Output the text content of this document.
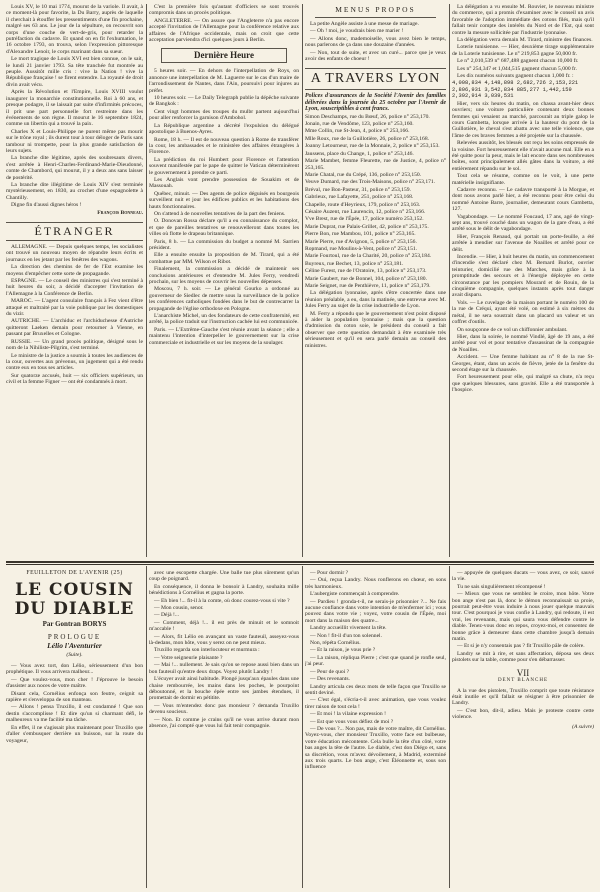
Louis XV, le 10 mai 1774, mourut de la variole. Il avait, à ce moment-là pour favorite, la Du Barry, auprès de laquelle il cherchait à étouffer les pressentiments d'une fin prochaine, malgré ses 63 ans. Le jour de la sépulture, on recouvrit son corps d'une couche de vert-de-gris, pour retarder la putréfaction du cadavre. Et quand on en fit l'exhumation, le 16 octobre 1793, on trouva, selon l'expression pittoresque d'Alexandre Lenoir, le corps marinant dans sa sueur.

Le mort tragique de Louis XVI est bien connue, on le sait, le lundi 21 janvier 1793. Sa tête tranchée fut montrée au peuple. Aussitôt mille cris : vive la Nation ! vive la République française ! se firent entendre. La royauté de droit divin avait vécu.

Après la Révolution et l'Empire, Louis XVIII voulut inaugurer la monarchie constitutionnelle. Roi à 60 ans, et presque podagre, il se laissait par suite d'infirmités précoces, il prit une part personnelle fort restreinte dans les événements de son règne. Il mourut le 16 septembre 1824, comme un libertin qui a trouvé la paix.

Charles X et Louis-Philippe ne purent même pas mourir sur le trône royal ; ils durent tour à tour déloger de Paris sans tambour ni trompette, pour la plus grande satisfaction de leurs sujets.

La branche dite légitime, après des soubresauts divers, s'est arrêtée à Henri-Charles-Ferdinand-Marie-Dieudonné, comte de Chambord, qui mourut, il y a deux ans sans laisser de postérité.

La branche dite illégitime de Louis XIV s'est terminée mystérieusement, en 1830, au crochet d'une espagnolette à Chantilly.

Digne fin d'aussi dignes héros !

François Bonneau.

ÉTRANGER

ALLEMAGNE. — Depuis quelques temps, les socialistes ont trouvé un nouveau moyen de répandre leurs écrits et journaux en les jetant par les fenêtres des wagons.

La direction des chemins de fer de l'Est examine les moyens d'empêcher cette sorte de propagande.

ESPAGNE. — Le conseil des ministres qui s'est terminé à huit heures du soir, a décidé d'accepter l'invitation de l'Allemagne à la Conférence de Berlin.

MAROC. — L'agent consulaire français à Fez vient d'être attaqué et maltraité par la voie publique par les domestiques du vizir.

AUTRICHE. — L'archiduc et l'archiduchesse d'Autriche quitteront Laeken demain pour retourner à Vienne, en passant par Bruxelles et Cologne.

RUSSIE. — Un grand procès politique, désigné sous le nom de la Nihiliste-Pilgrim, s'est terminé.

Le ministre de la justice a soumis à toutes les audiences de la cour, ouvertes aux prévenus, un jugement qui a été rendu contre eux en tous ses articles.

Sur quatorze accusés, huit — six officiers supérieurs, un civil et la femme Figner — ont été condamnés à mort.

C'est la première fois qu'autant d'officiers se sont trouvés compromis dans un procès politique.

ANGLETERRE. — On assure que l'Angleterre n'a pas encore accepté l'invitation de l'Allemagne pour la conférence relative aux affaires de l'Afrique occidentale, mais on croit que cette acceptation parviendra d'ici quelques jours à Berlin.

Dernière Heure

5 heures soir. — En dehors de l'interpellation de Roys, on annonce une interpellation de M. Laguerre sur le cas d'un maire de l'arrondissement de Nantes, dans l'Ain, poursuivi pour injures au préfet.

10 heures soir. — Le Daily Telegraph publie la dépêche suivante de Bangkok :

Cent vingt hommes des troupes du mulbr partent aujourd'hui pour aller renforcer la garnison d'Ambohol.

La République argentine a décrété l'expulsion du délégué apostolique à Buenos-Ayres.

Rome, 18 h. — Il est de nouveau question à Rome de transférer la cour, les ambassades et le ministère des affaires étrangères à Florence.

La prédiction du roi Humbert pour Florence et l'attention souvent manifestée par le pape de quitter le Vatican déterminèrent le gouvernement à prendre ce parti.

Les Anglais vont prendre possession de Souakim et de Massouah.

Québec, minuit. — Des agents de police déguisés en bourgeois surveillent nuit et jour les édifices publics et les habitations des hauts fonctionnaires.

On s'attend à de nouvelles tentatives de la part des feniens.

O. Donovan Rossa déclare qu'il a eu connaissance du complot, et que de pareilles tentatives se renouvelleront dans toutes les villes où flotte le drapeau britannique.

Paris, 8 h. — La commission du budget a nommé M. Sarrien président.

Elle a ensuite ensuite la proposition de M. Tirard, qui a été combattue par MM. Wilson et Ribot.

Finalement, la commission a décidé de maintenir ses conclusions antérieures et d'entendre M. Jules Ferry, vendredi prochain, sur les moyens de couvrir les nouvelles dépenses.

Moscou, 7 h. soir. — Le général Gourko a ordonné au gouverneur de Siedlec de mettre sous la surveillance de la police les conférences catholiques fondées dans le but de contrecarrer la propagande de l'église orthodoxe en Pologne.

L'anarchiste Michel, un des fondateurs de cette confraternité, est arrêté, la police traduit sur l'instruction cachée lui est communicée.

Paris. — L'Extrême-Gauche s'est réunie avant la séance ; elle a maintenu l'intention d'interpeller le gouvernement sur la crise commerciale et industrielle et sur les moyens de la soulager.

MENUS PROPOS

La petite Angèle assiste à une messe de mariage.

— Oh ! moi, je voudrais bien me marier !

— Allons donc, mademoiselle, vous avez bien le temps, nous parlerons de ça dans une douzaine d'années.

— Non, tout de suite, et avec un curé... parce que je veux avoir des enfants de choeur !

A TRAVERS LYON

Polices d'assurances de la Société l'Avenir des familles délivrées dans la journée du 25 octobre par l'Avenir de Lyon, souscriptibles à cent francs.

Simon Deschamps, rue du Bœuf, 26, police n° 253,170.

Jonain, rue de Vendôme, 123, police n° 253,160.

Mme Collin, rue St-Jean, 4, police n° 253,166.

Mlle Roux, rue de la Guillotière, 26, police n° 253,168.

Joanny Letourneur, rue de la Monnaie, 2, police n° 253,153.

Jaussens, place du Change, 1, police n° 253,146.

Marie Mambet, femme Fleurette, rue de Justice, 4, police n° 253,165.

Marie Chatal, rue du Crépé, 136, police n° 253,150.

Veuve Dumard, rue des Trois-Maisons, police n° 253,171.

Bréval, rue Bon-Pasteur, 31, police n° 253,159.

Gabrieux, rue Lafayette, 251, police n° 253,168.

Chapelle, route d'Heyrieux, 179, police n° 253,163.

Césaire Auzent, rue Laurencin, 12, police n° 253,166.

Vve Brest, rue de l'Épée, 17, police numéro 253,152.

Marie Duprat, rue Palais-Grillet, 42, police n° 253,175.

Pierre Bon, rue Mambou, 101, police n° 253,165.

Marie Pierre, rue d'Avignon, 5, police n° 253,156.

Ropmand, rue Moulins-à-Vent, police n° 253,151.

Marie Fourtoul, rue de la Charité, 20, police n° 253,184.

Buyreux, rue Bechet, 13, police n° 253,181.

Céline Furest, rue de l'Oratoire, 13, police n° 253,173.

Marie Gaubert, rue de Bonnel, 104, police n° 253,180.

Marie Seignet, rue de Penthièvre, 11, police n° 253,179.

La délégation lyonnaise, après s'être concertée dans une réunion préalable, a eu, dans la matinée, une entrevue avec M. Jules Ferry au sujet de la crise industrielle de Lyon.

M. Ferry a répondu que le gouvernement n'est point disposé à aider la population lyonnaise ; mais que la question d'admission du coton soie, le président du conseil a fait observer que cette question demandait à être examinée très sérieusement et qu'il en sera parlé demain au conseil des ministres.

La délégation a vu ensuite M. Rouvier, le nouveau ministre du commerce, qui a promis d'examiner avec le conseil un avis favorable de l'adoption immédiate des cotons filés, mais qu'il fallait tenir compte des intérêts du Nord et de l'Est, qui sont contre la mesure sollicitée par l'industrie lyonnaise.

La délégation verra demain M. Tirard, ministre des finances.

Loterie tunisienne. — Hier, deuxième tirage supplémentaire de la Loterie tunisienne. Le n° 219,853 gagne 50,000 fr.

Le n° 2,010,539 n° 687,488 gagnent chacun 10,000 fr.

Les n° 254,347 et 1,044,515 gagnent chacun 5,000 fr.

Les dix numéros suivants gagnent chacun 1,000 fr. :

4,008,834 4,148,898 2,682,726 2,153,221
2,806,931 3,542,834 885,277 1,442,159
2,392,914 3,039,531

Hier, vers six heures du matin, on chassa avant-hier deux ouvriers; une voiture particulière contenant deux bonnes femmes qui venaient au marché, parcourait au triple galop le cours Gambetta, lorsque arrivée à la hauteur du pont de la Guillotière, le cheval s'est abattu avec une telle violence, que l'âme de ces braves femmes a été projetée sur la chaussée.

Relevées aussitôt, les blessés ont reçu les soins empressés de la voisine. Fort heureusement elle n'avait aucune mal. Elle en a été quitte pour la peur, mais le lait encore dans ses nombreuses boîtes, sont principalement allés gâtes dans la voiture, a été entièrement répandu sur le sol.

Tout cela se résume, comme on le voit, à une perte matérielle insignifiante.

Cadavre reconnu. — Le cadavre transporté à la Morgue, et dont nous avons parlé hier, a été reconnu pour être celui du nommé Antoine Barre, journalier, demeurant cours Gambetta, 127.

Vagabondage. — Le nommé Foucaud, 17 ans, agé de vingt-sept ans, trouvé couché dans un wagon de la gare d'eau, a été arrêté sous le délit de vagabondage.

Hier, François Renaud, qui portait un porte-feuille, a été arrêtée à mendier sur l'avenue de Noailles et arrêté pour ce délit.

Incendie. — Hier, à huit heures du matin, un commencement d'incendie s'est déclaré chez M. Bernard Burlot, ouvrier teinturier, domicilié rue des Marches, mais grâce à la promptitude des secours et à l'énergie déployée en cette circonstance par les pompiers Mourard et de Rouin, de la cinquième compagnie, quelques instants après tout danger avait disparu.

Vols. — Le cuvelage de la maison portant le numéro 100 de la rue de Créqui, ayant été volé, on estimé à six mètres du métal, il ne sera soustrait dans un placard un valeur et un coffret d'outils.

On soupçonne de ce vol un chiffonnier ambulant.

Hier, dans la soirée, le nommé Vindlé, âgé de 19 ans, a été arrêté pour vol et pour tentative d'assassinat de la compagnie de Noailles.

Accident. — Une femme habitant au n° 8 de la rue St-Georges, étant, dans un accès de fièvre, jetée de la fenêtre du second étage sur la chaussée.

Fort heureusement pour elle, qui malgré sa chute, n'a reçu que quelques blessures, sans gravité. Elle a été transportée à l'hospice.

FEUILLETON DE L'AVENIR (25)

LE COUSIN DU DIABLE
Par Gontran BORYS
PROLOGUE
Lélio l'Aventurier
(Suite).

— Vous avez tort, don Lélio, sérieusement d'un bon prophétique. Il vous arrivera malheur...

— Que voulez-vous, mon cher ! J'éprouve le besoin d'assister aux noces de votre maître.

Disant cela, Cornélius enfonça son feutre, ceignit sa rapière et s'enveloppa de son manteau.

— Allons ! pensa Truxillo, il est condamné ! Que son destin s'accomplisse ! Et dire qu'un si charmant défi, le malheureux va me facilité ma tâche.

En effet, il ne s'agissait plus maintenant pour Truxillo que d'aller s'embusquer derrière un buisson, sur la route du voyageur,

avec une escopette chargée. Une balle tue plus sûrement qu'un coup de poignard.

En conséquence, il donna le bonsoir à Landry, souhaita mille bénédictions à Cornélius et gagna la porte.

— Eh bien !... fit-il à la comte, où donc courez-vous si vite ?

— Mon cousin, senor.

— Déjà !...

— Comment, déjà !... il est près de minuit et le somnoit m'accable !

— Alors, fit Lélio en avançant un vaste fauteuil, asseyez-vous là-dedans, mon hôte, vous y serez on ne peut mieux.

Truxillo regarda son interlocuteur et murmura :

— Votre seigneurie plaisante ?

— Mai !... nullement. Je sais qu'on se repose aussi bien dans un bon fauteuil qu'entre deux draps. Voyez plutôt Landry !

L'écuyer avait ainsi habitude. Plongé jusqu'aux épaules dans une chaise rembourrée, les mains dans les poches, le pourpoint déboutonné, et la bouche épée entre ses jambes étendues, il promettait de dormir en pétitite.

— Vous m'entendez donc pas monsieur ? demanda Truxillo devenu soucieux.

— Non. Et comme je crains qu'il ne vous arrive durant mon absence, j'ai compté que vous lui fait tenir compagnie.

— Pour dormir ?

— Oui, reçua Landry. Nous ronflerons en chœur, en sons très harmonieux.

L'aubergiste commençait à comprendre.

— Pardieu ! gronda-t-il, ne serais-je prisonnier ?... Ne fais aucune confiance dans votre intention de m'enfermer ici ; vous pouvez dans votre vie ; voyez, votre cousin de l'Épée, moi mort dans la maison des quatre...

Landry accueillit vivement la tête.

— Non ! fit-il d'un ton solennel.

Non, répéta Cornélius.

— Et la raison, je vous prie ?

— La raison, répliqua Pierre ; c'est que quand je ronfle seul, j'ai peur.

— Peur de quoi ?

— Des revenants.

Landry articula ces deux mots de telle façon que Truxillo se sentit deviné.

— C'est égal, s'écria-t-il avec animation, que vous voulez tirer raison de tout cela !

— Et moi ! la vilaine expression !

— Est que vous vous défiez de moi ?

— De vous ?... Non pas, mais de votre maître, dit Cornélius. Voyez-vous, cher monsieur Truxillo, votre face est bulbeuse, votre éducation mécontente. Cela bulle la tête d'un côté, votre bas anges la tête de l'autre. Le diable, c'est don Diégo et, sans sa discrétion, vous m'avez dévoilement, à Madrid, exterminé aux trois quarts. Le bon ange, c'est Éléonnette et, sous son influence

— appuyée de quelques ducats — vous avez, ce soir, sauvé la vie.

Tu ne sais singulièrement récompensé !

— Mieux que vous ne semblez le croire, mon hôte. Votre bon ange n'est pas là, donc le démon reconnaissait sa proie, pourrait peut-être vous induire à nous jouer quelque mauvais tour. C'est pourquoi je vous confie à Landry, qui redoute, il est vrai, les revenants, mais qui saura vous défendre contre le diable. Tenez-vous donc en repos, croyez-moi, et consentez de bonne grâce à demeurer dans cette chambre jusqu'à demain matin.

— Et si je n'y consentais pas ? fit Truxillo pâle de colère.

Landry se mit à rire, et sans affectation, déposa ses deux pistolets sur la table, comme pour s'en débarrasser.

VII
DENT BLANCHE

A la vue des pistolets, Truxillo comprit que toute résistance était inutile et qu'il fallait se résigner à être prisonnier de Landry.

— C'est bon, dit-il, adieu. Mais je proteste contre cette violence.

(A suivre)
